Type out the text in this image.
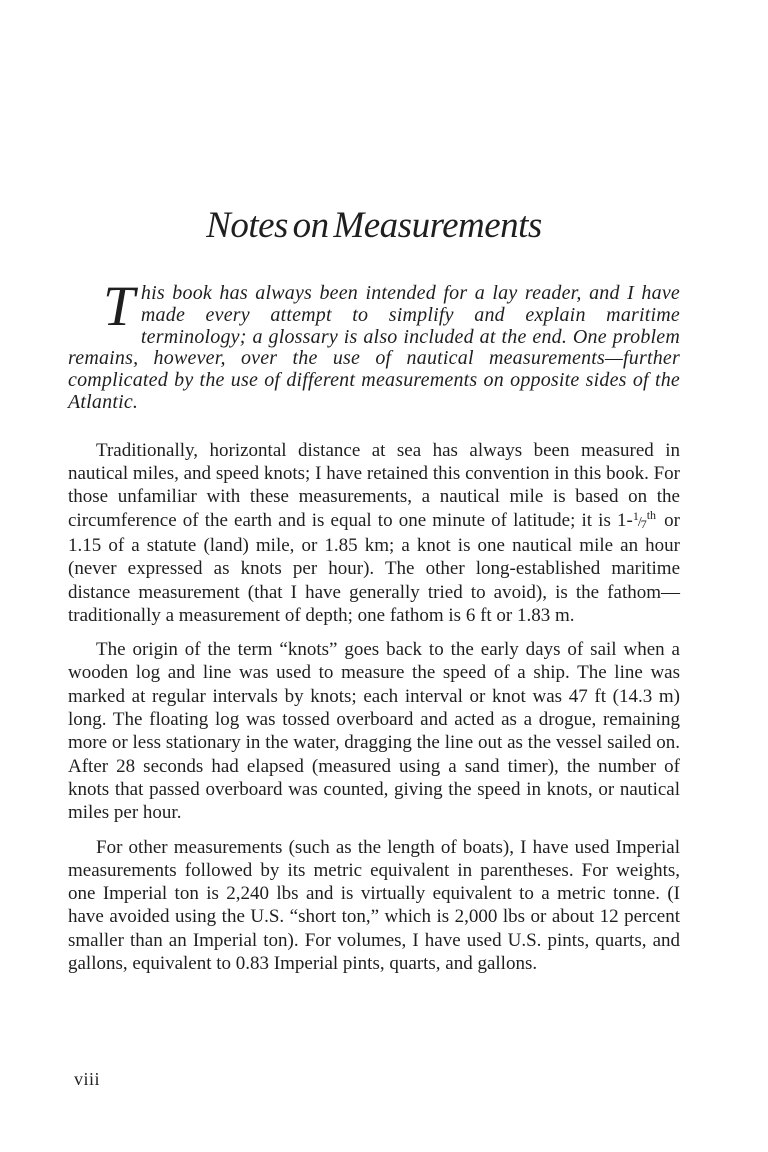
Notes on Measurements

This book has always been intended for a lay reader, and I have made every attempt to simplify and explain maritime terminology; a glossary is also included at the end. One problem remains, however, over the use of nautical measurements—further complicated by the use of different measurements on opposite sides of the Atlantic.

Traditionally, horizontal distance at sea has always been measured in nautical miles, and speed knots; I have retained this convention in this book. For those unfamiliar with these measurements, a nautical mile is based on the circumference of the earth and is equal to one minute of latitude; it is $1-^1/_7^{th}$ or 1.15 of a statute (land) mile, or 1.85 km; a knot is one nautical mile an hour (never expressed as knots per hour). The other long-established maritime distance measurement (that I have generally tried to avoid), is the fathom—traditionally a measurement of depth; one fathom is 6 ft or 1.83 m.

The origin of the term “knots” goes back to the early days of sail when a wooden log and line was used to measure the speed of a ship. The line was marked at regular intervals by knots; each interval or knot was 47 ft (14.3 m) long. The floating log was tossed overboard and acted as a drogue, remaining more or less stationary in the water, dragging the line out as the vessel sailed on. After 28 seconds had elapsed (measured using a sand timer), the number of knots that passed overboard was counted, giving the speed in knots, or nautical miles per hour.

For other measurements (such as the length of boats), I have used Imperial measurements followed by its metric equivalent in parentheses. For weights, one Imperial ton is 2,240 lbs and is virtually equivalent to a metric tonne. (I have avoided using the U.S. “short ton,” which is 2,000 lbs or about 12 percent smaller than an Imperial ton). For volumes, I have used U.S. pints, quarts, and gallons, equivalent to 0.83 Imperial pints, quarts, and gallons.

viii
